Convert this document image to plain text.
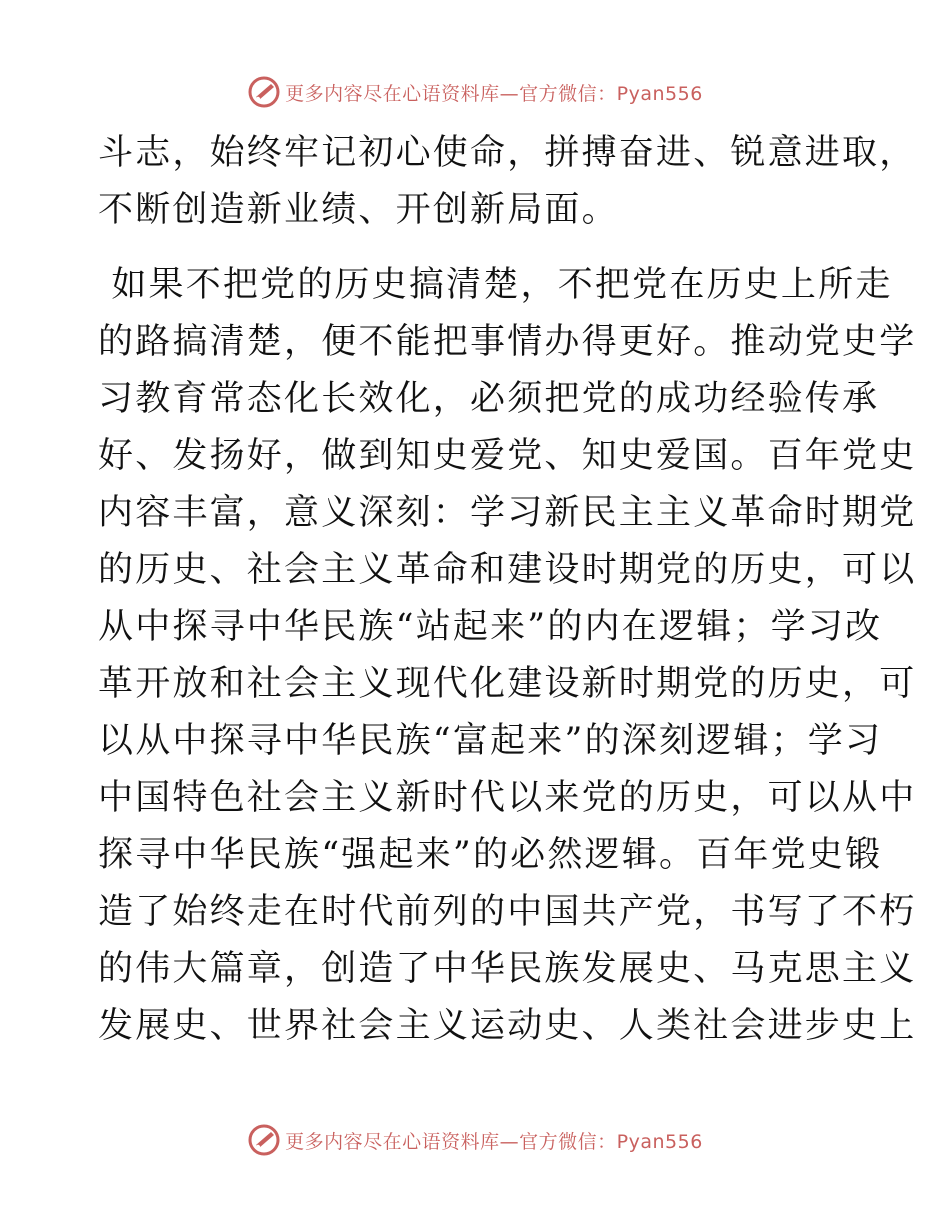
更多内容尽在心语资料库—官方微信：Pyan556
斗志，始终牢记初心使命，拼搏奋进、锐意进取，
不断创造新业绩、开创新局面。
如果不把党的历史搞清楚，不把党在历史上所走
的路搞清楚，便不能把事情办得更好。推动党史学
习教育常态化长效化，必须把党的成功经验传承
好、发扬好，做到知史爱党、知史爱国。百年党史
内容丰富，意义深刻：学习新民主主义革命时期党
的历史、社会主义革命和建设时期党的历史，可以
从中探寻中华民族“站起来”的内在逻辑；学习改
革开放和社会主义现代化建设新时期党的历史，可
以从中探寻中华民族“富起来”的深刻逻辑；学习
中国特色社会主义新时代以来党的历史，可以从中
探寻中华民族“强起来”的必然逻辑。百年党史锻
造了始终走在时代前列的中国共产党，书写了不朽
的伟大篇章，创造了中华民族发展史、马克思主义
发展史、世界社会主义运动史、人类社会进步史上
更多内容尽在心语资料库—官方微信：Pyan556
